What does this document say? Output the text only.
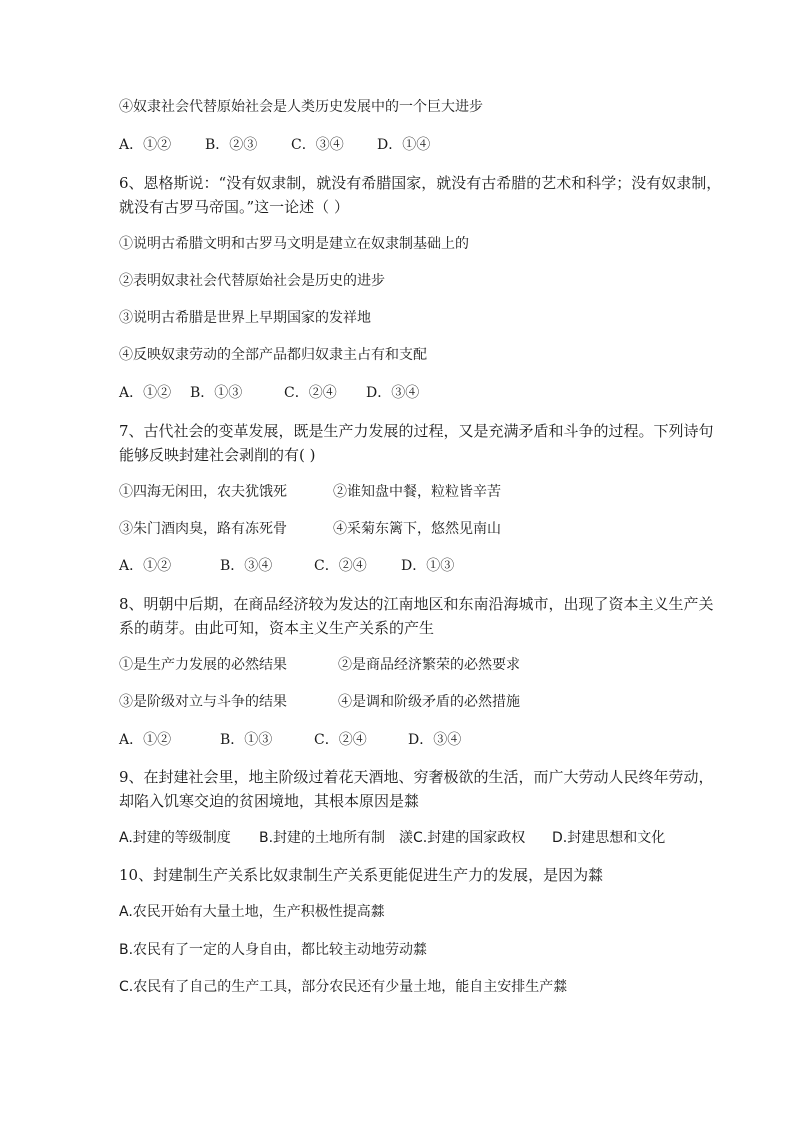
④奴隶社会代替原始社会是人类历史发展中的一个巨大进步
A．①② B．②③ C．③④ D．①④
6、恩格斯说：“没有奴隶制，就没有希腊国家，就没有古希腊的艺术和科学；没有奴隶制，
就没有古罗马帝国。”这一论述（ ）
①说明古希腊文明和古罗马文明是建立在奴隶制基础上的
②表明奴隶社会代替原始社会是历史的进步
③说明古希腊是世界上早期国家的发祥地
④反映奴隶劳动的全部产品都归奴隶主占有和支配
A．①② B．①③	C．②④ D．③④
7、古代社会的变革发展，既是生产力发展的过程，又是充满矛盾和斗争的过程。下列诗句
能够反映封建社会剥削的有( )
①四海无闲田，农夫犹饿死	②谁知盘中餐，粒粒皆辛苦
③朱门酒肉臭，路有冻死骨	④采菊东篱下，悠然见南山
A．①②	B．③④	C．②④ D．①③
8、明朝中后期，在商品经济较为发达的江南地区和东南沿海城市，出现了资本主义生产关
系的萌芽。由此可知，资本主义生产关系的产生
①是生产力发展的必然结果	②是商品经济繁荣的必然要求
③是阶级对立与斗争的结果	④是调和阶级矛盾的必然措施
A．①②	B．①③	C．②④	D．③④
9、在封建社会里，地主阶级过着花天酒地、穷奢极欲的生活，而广大劳动人民终年劳动，
却陷入饥寒交迫的贫困境地，其根本原因是㵘
A.封建的等级制度 B.封建的土地所有制 㵪C.封建的国家政权 D.封建思想和文化
10、封建制生产关系比奴隶制生产关系更能促进生产力的发展，是因为㵘
A.农民开始有大量土地，生产积极性提高㵘
B.农民有了一定的人身自由，都比较主动地劳动㵘
C.农民有了自己的生产工具，部分农民还有少量土地，能自主安排生产㵘
